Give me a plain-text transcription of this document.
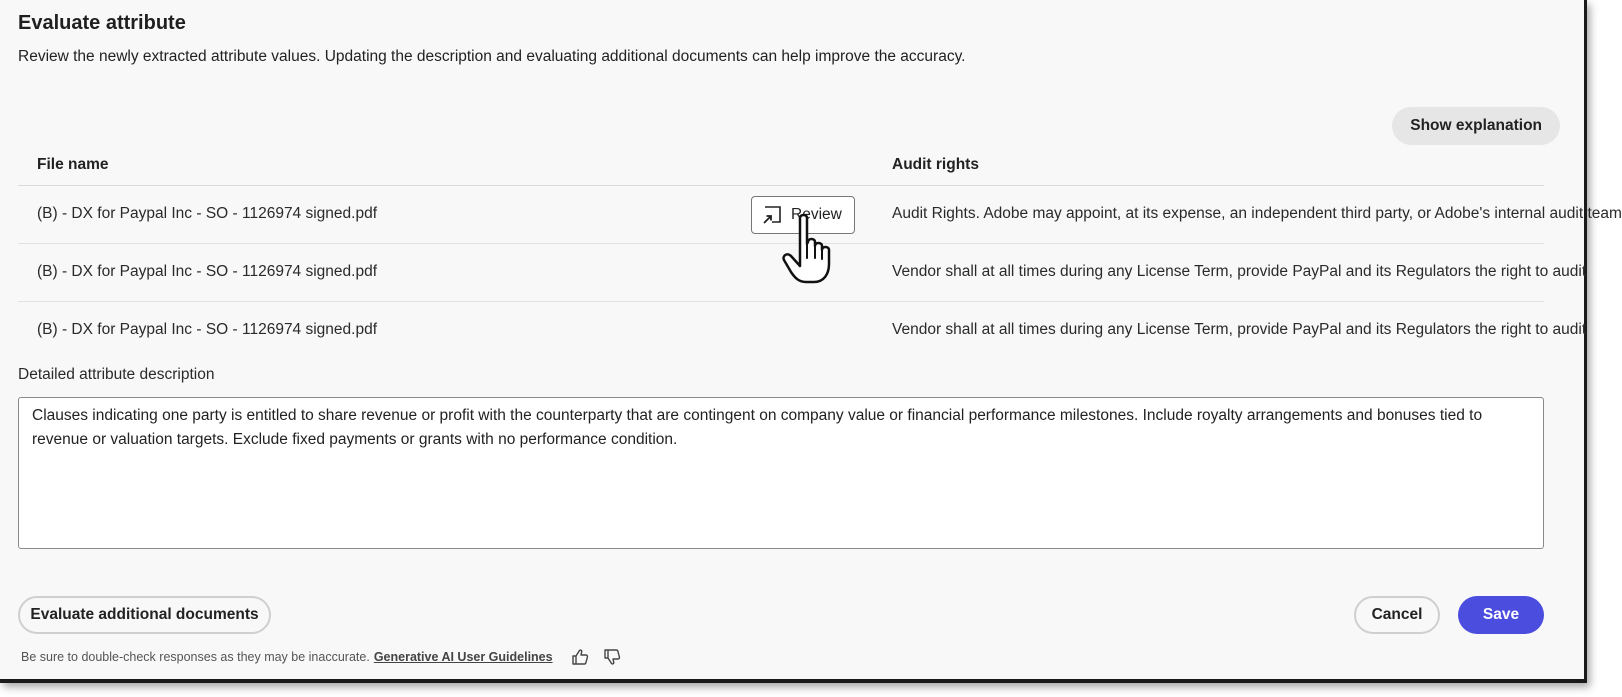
Evaluate attribute
Review the newly extracted attribute values. Updating the description and evaluating additional documents can help improve the accuracy.
Show explanation
File name	Audit rights
(B) - DX for Paypal Inc - SO - 1126974 signed.pdf	Review	Audit Rights. Adobe may appoint, at its expense, an independent third party, or Adobe's internal audit team
(B) - DX for Paypal Inc - SO - 1126974 signed.pdf	Vendor shall at all times during any License Term, provide PayPal and its Regulators the right to audit
(B) - DX for Paypal Inc - SO - 1126974 signed.pdf	Vendor shall at all times during any License Term, provide PayPal and its Regulators the right to audit
Detailed attribute description
Clauses indicating one party is entitled to share revenue or profit with the counterparty that are contingent on company value or financial performance milestones. Include royalty arrangements and bonuses tied to revenue or valuation targets. Exclude fixed payments or grants with no performance condition.
Evaluate additional documents	Cancel	Save
Be sure to double-check responses as they may be inaccurate. Generative AI User Guidelines
